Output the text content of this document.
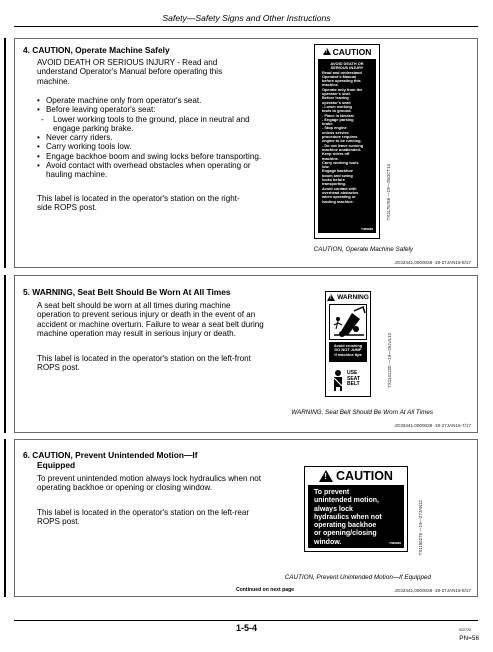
Safety—Safety Signs and Other Instructions
4. CAUTION, Operate Machine Safely
AVOID DEATH OR SERIOUS INJURY - Read and understand Operator's Manual before operating this machine.
• Operate machine only from operator's seat.
• Before leaving operator's seat:
- Lower working tools to the ground, place in neutral and engage parking brake.
• Never carry riders.
• Carry working tools low.
• Engage backhoe boom and swing locks before transporting.
• Avoid contact with overhead obstacles when operating or hauling machine.
This label is located in the operator's station on the right-side ROPS post.
!
CAUTION
AVOID DEATH OR
SERIOUS INJURY
Read and understand
Operator's Manual
before operating this
machine.
Operate only from the
operator's seat.
Before leaving
operator's seat:
- Lower working
tools to ground.
- Place in Neutral.
- Engage parking
brake.
- Stop engine
unless service
procedure requires
engine to be running.
- Do not leave running
machine unattended.
Keep riders off
machine.
Carry working tools
low.
Engage backhoe
boom and swing
locks before
transporting.
Avoid contact with
overhead obstacles
when operating or
hauling machine.
T389988
TX1175768 —19—25OCT14
CAUTION, Operate Machine Safely
JG33441,0000028 -19-27JAN16-8/17
5. WARNING, Seat Belt Should Be Worn At All Times
A seat belt should be worn at all times during machine operation to prevent serious injury or death in the event of an accident or machine overturn. Failure to wear a seat belt during machine operation may result in serious injury or death.
This label is located in the operator's station on the left-front ROPS post.
!
WARNING
Avoid crushing
DO NOT JUMP
if machine tips
USE
SEAT
BELT	TX1141220 —19—25JUL13
WARNING, Seat Belt Should Be Worn At All Times
JG33441,0000028 -19-27JAN16-7/17
6. CAUTION, Prevent Unintended Motion—If
Equipped
To prevent unintended motion always lock hydraulics when not operating backhoe or opening or closing window.
This label is located in the operator's station on the left-rear ROPS post.
!
CAUTION
To prevent
unintended motion,
always lock
hydraulics when not
operating backhoe
or opening/closing
window.	T389989	TX1150276 —19—27JAN12
CAUTION, Prevent Unintended Motion—If Equipped
JG33441,0000028 -19-27JAN16-8/17
Continued on next page
1-5-4	022720
PN=56
